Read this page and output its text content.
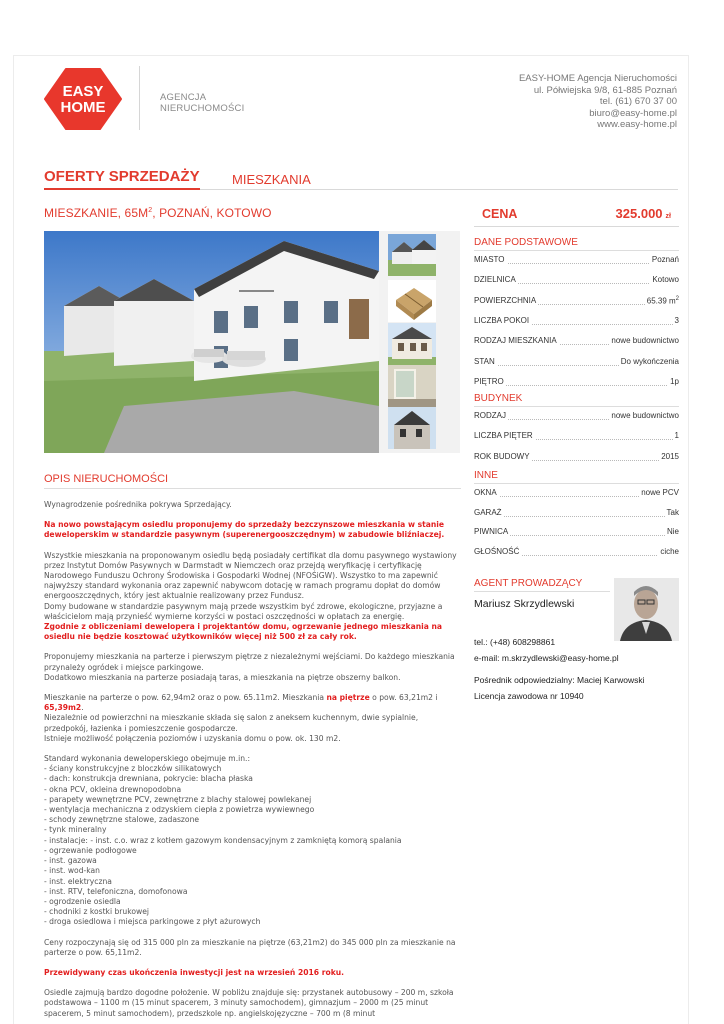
EASY
HOME
AGENCJA
NIERUCHOMOŚCI
EASY-HOME Agencja Nieruchomości
ul. Półwiejska 9/8, 61-885 Poznań
tel. (61) 670 37 00
biuro@easy-home.pl
www.easy-home.pl
OFERTY SPRZEDAŻY MIESZKANIA
MIESZKANIE, $65M^2$, POZNAŃ, KOTOWO	CENA	325.000 zł
DANE PODSTAWOWE
MIASTO	Poznań
DZIELNICA	Kotowo
POWIERZCHNIA	65.39 $m^2$
LICZBA POKOI	3
RODZAJ MIESZKANIA	nowe budownictwo
STAN	Do wykończenia
PIĘTRO	1p
BUDYNEK
RODZAJ	nowe budownictwo
LICZBA PIĘTER	1
ROK BUDOWY	2015
INNE
OKNA	nowe PCV
GARAŻ	Tak
PIWNICA	Nie
GŁOŚNOŚĆ	ciche
AGENT PROWADZĄCY
Mariusz Skrzydlewski
tel.: (+48) 608298861
e-mail: m.skrzydlewski@easy-home.pl
Pośrednik odpowiedzialny: Maciej Karwowski
Licencja zawodowa nr 10940
OPIS NIERUCHOMOŚCI

Wynagrodzenie pośrednika pokrywa Sprzedający.

Na nowo powstającym osiedlu proponujemy do sprzedaży bezczynszowe mieszkania w stanie deweloperskim w standardzie pasywnym (superenergooszczędnym) w zabudowie bliźniaczej.

Wszystkie mieszkania na proponowanym osiedlu będą posiadały certifikat dla domu pasywnego wystawiony przez Instytut Domów Pasywnych w Darmstadt w Niemczech oraz przejdą weryfikację i certyfikację Narodowego Funduszu Ochrony Środowiska i Gospodarki Wodnej (NFOŚiGW). Wszystko to ma zapewnić najwyższy standard wykonania oraz zapewnić nabywcom dotację w ramach programu dopłat do domów energooszczędnych, który jest aktualnie realizowany przez Fundusz.
Domy budowane w standardzie pasywnym mają przede wszystkim być zdrowe, ekologiczne, przyjazne a właścicielom mają przynieść wymierne korzyści w postaci oszczędności w opłatach za energię.

Zgodnie z obliczeniami dewelopera i projektantów domu, ogrzewanie jednego mieszkania na osiedlu nie będzie kosztować użytkowników więcej niż 500 zł za cały rok.

Proponujemy mieszkania na parterze i pierwszym piętrze z niezależnymi wejściami. Do każdego mieszkania przynależy ogródek i miejsce parkingowe.
Dodatkowo mieszkania na parterze posiadają taras, a mieszkania na piętrze obszerny balkon.

Mieszkanie na parterze o pow. 62,94m2 oraz o pow. 65.11m2. Mieszkania na piętrze o pow. 63,21m2 i 65,39m2.

Niezależnie od powierzchni na mieszkanie składa się salon z aneksem kuchennym, dwie sypialnie, przedpokój, łazienka i pomieszczenie gospodarcze.
Istnieje możliwość połączenia poziomów i uzyskania domu o pow. ok. 130 m2.

Standard wykonania deweloperskiego obejmuje m.in.:
- ściany konstrukcyjne z bloczków silikatowych
- dach: konstrukcja drewniana, pokrycie: blacha płaska
- okna PCV, okleina drewnopodobna
- parapety wewnętrzne PCV, zewnętrzne z blachy stalowej powlekanej
- wentylacja mechaniczna z odzyskiem ciepła z powietrza wywiewnego
- schody zewnętrzne stalowe, zadaszone
- tynk mineralny
- instalacje: - inst. c.o. wraz z kotłem gazowym kondensacyjnym z zamkniętą komorą spalania
- ogrzewanie podłogowe
- inst. gazowa
- inst. wod-kan
- inst. elektryczna
- inst. RTV, telefoniczna, domofonowa
- ogrodzenie osiedla
- chodniki z kostki brukowej
- droga osiedlowa i miejsca parkingowe z płyt ażurowych

Ceny rozpoczynają się od 315 000 pln za mieszkanie na piętrze (63,21m2) do 345 000 pln za mieszkanie na parterze o pow. 65,11m2.

Przewidywany czas ukończenia inwestycji jest na wrzesień 2016 roku.

Osiedle zajmują bardzo dogodne położenie. W pobliżu znajduje się: przystanek autobusowy – 200 m, szkoła podstawowa – 1100 m (15 minut spacerem, 3 minuty samochodem), gimnazjum – 2000 m (25 minut spacerem, 5 minut samochodem), przedszkole np. angielskojęzyczne – 700 m (8 minut
